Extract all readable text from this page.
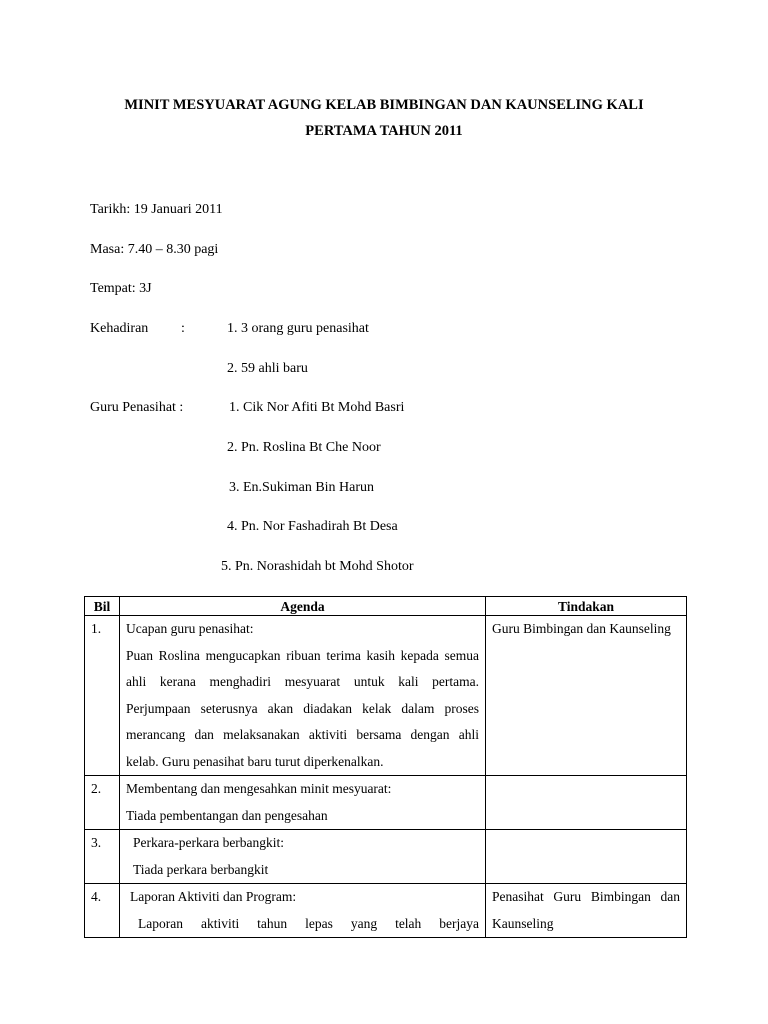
MINIT MESYUARAT AGUNG KELAB BIMBINGAN DAN KAUNSELING KALI
PERTAMA TAHUN 2011
Tarikh: 19 Januari 2011
Masa: 7.40 – 8.30 pagi
Tempat: 3J
Kehadiran :	1. 3 orang guru penasihat
2. 59 ahli baru
Guru Penasihat :	1. Cik Nor Afiti Bt Mohd Basri
2. Pn. Roslina Bt Che Noor
3. En.Sukiman Bin Harun
4. Pn. Nor Fashadirah Bt Desa
5. Pn. Norashidah bt Mohd Shotor
Bil	Agenda	Tindakan
1.	Ucapan guru penasihat:
Puan Roslina mengucapkan ribuan terima kasih kepada semua ahli kerana menghadiri mesyuarat untuk kali pertama. Perjumpaan seterusnya akan diadakan kelak dalam proses merancang dan melaksanakan aktiviti bersama dengan ahli kelab. Guru penasihat baru turut diperkenalkan.	Guru Bimbingan dan Kaunseling
2.	Membentang dan mengesahkan minit mesyuarat:
Tiada pembentangan dan pengesahan	

3.	Perkara-perkara berbangkit:
Tiada perkara berbangkit	

4.	Laporan Aktiviti dan Program:
Laporan aktiviti tahun lepas yang telah berjaya	Penasihat Guru Bimbingan dan Kaunseling
